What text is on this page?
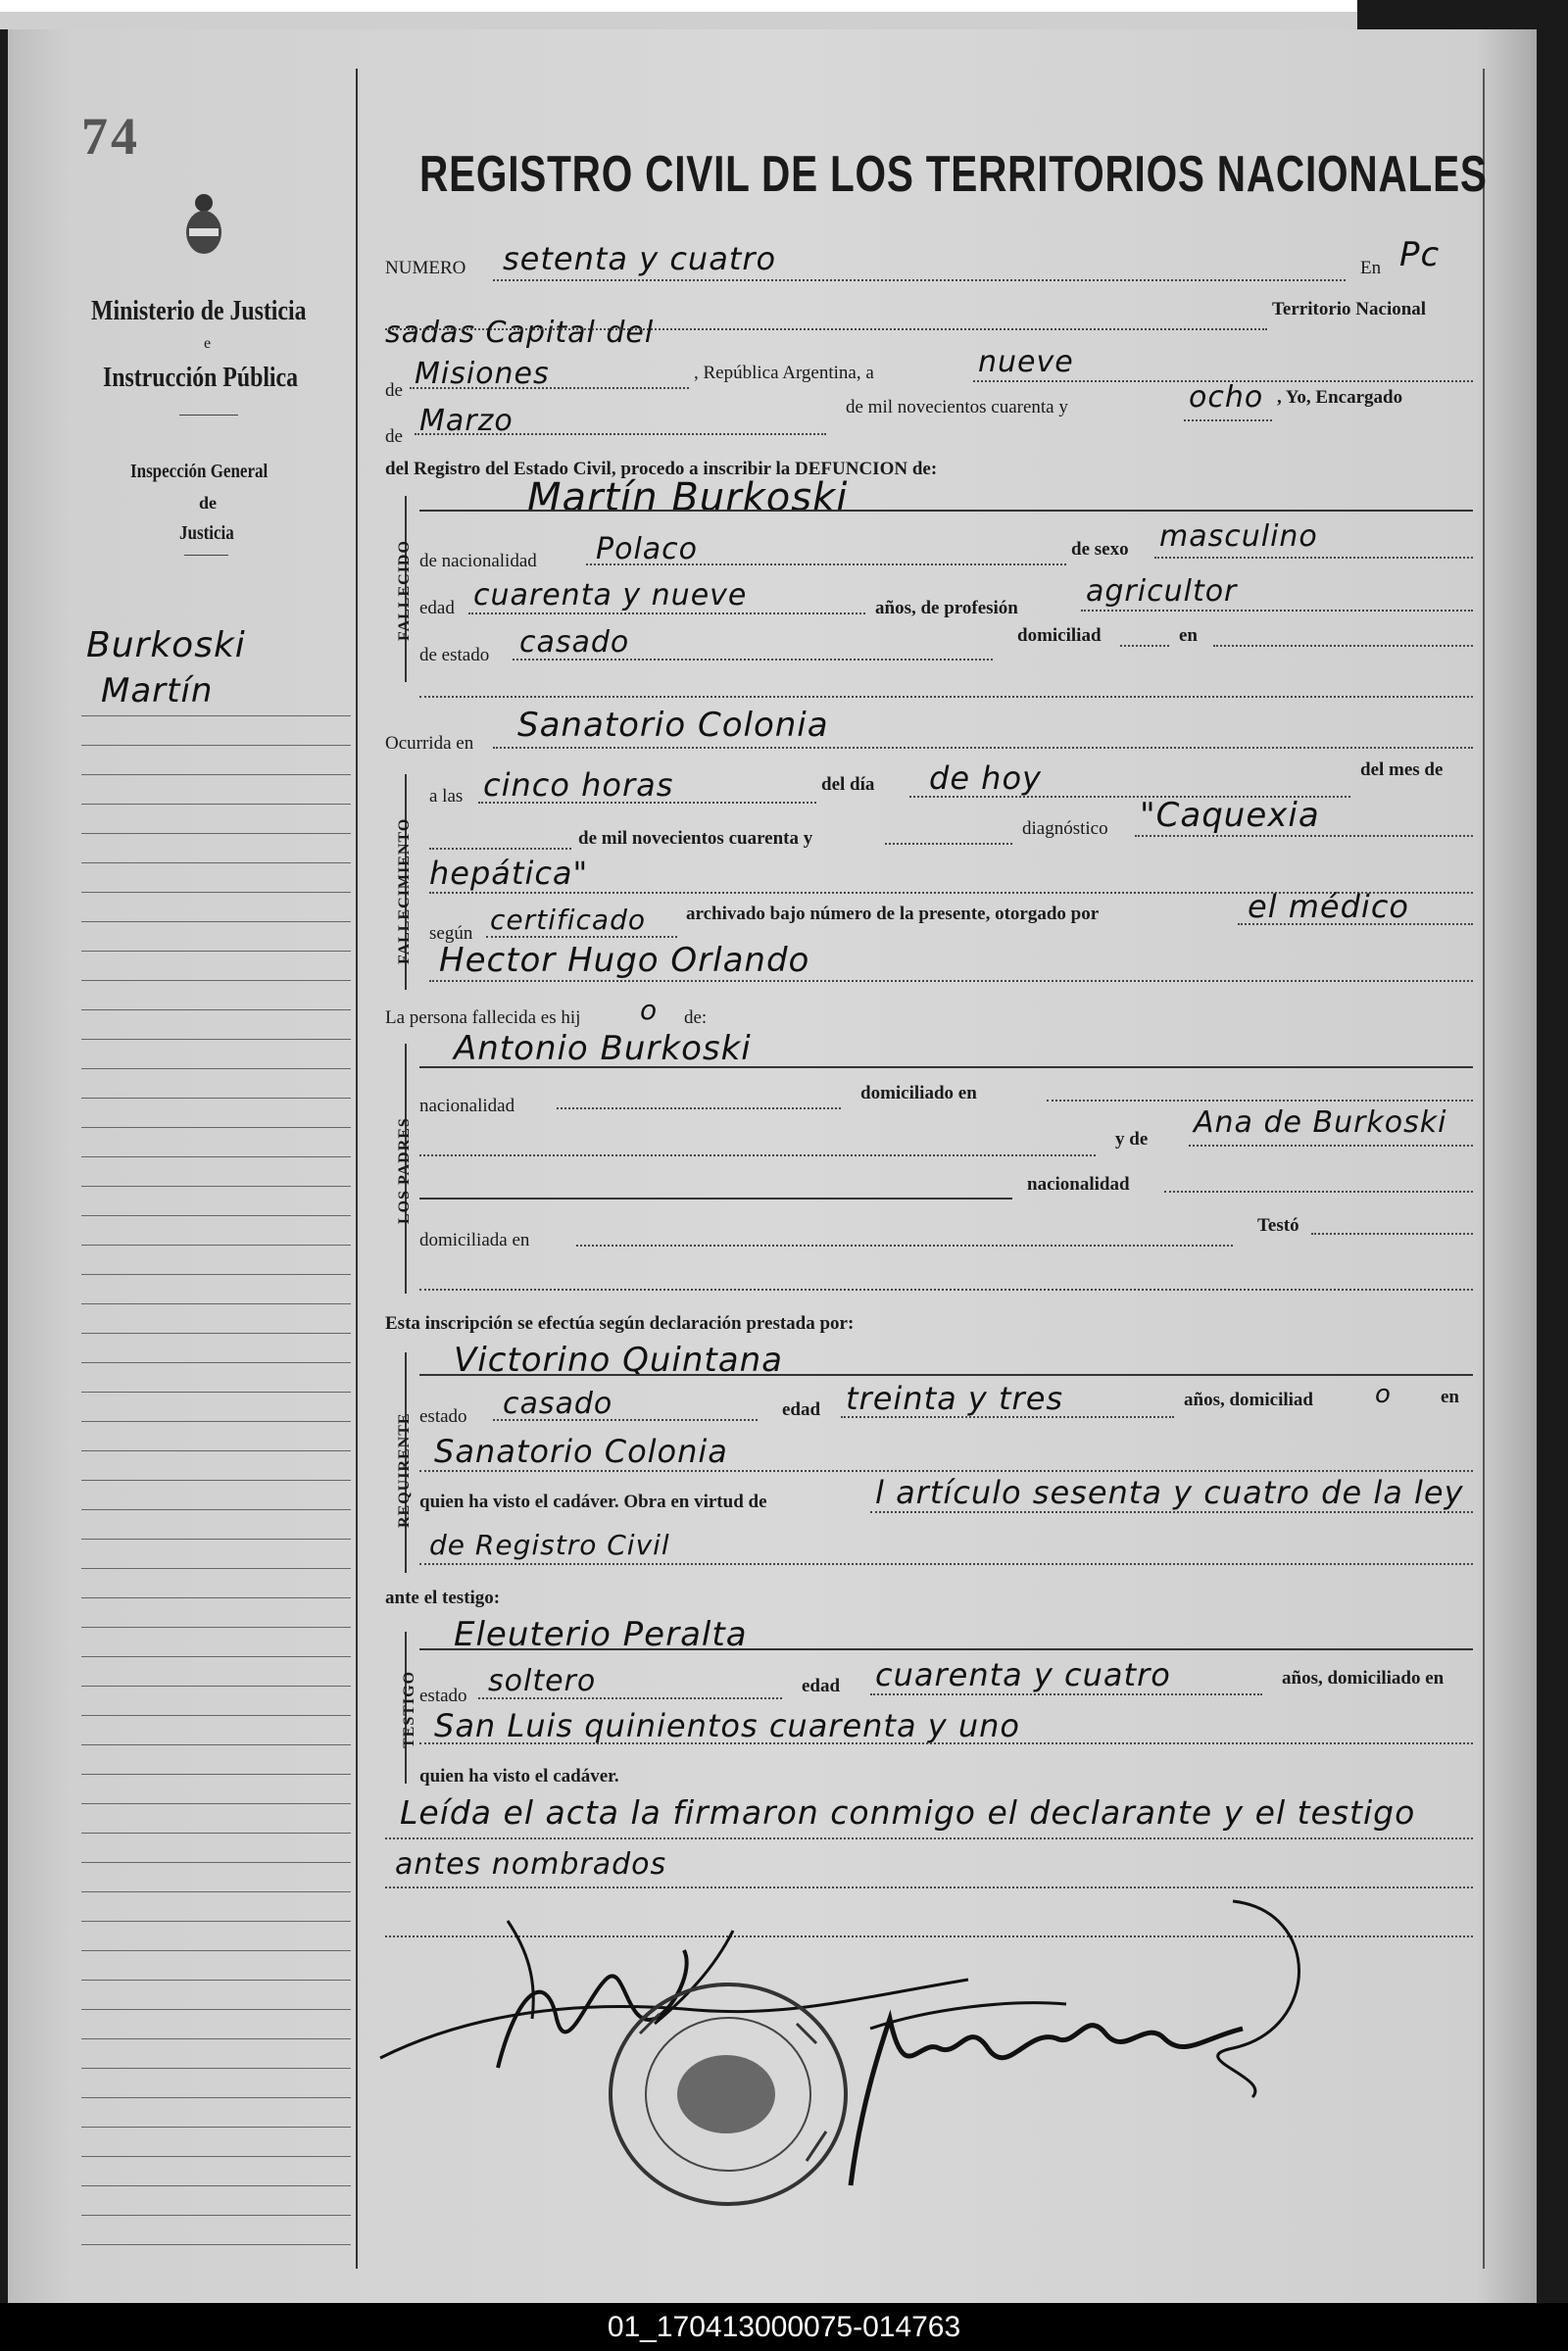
74
Ministerio de Justicia
e
Instrucción Pública
Inspección General
de
Justicia
Burkoski
Martín
REGISTRO CIVIL DE LOS TERRITORIOS NACIONALES
NUMERO setenta y cuatro	En Pc
sadas Capital del
Territorio Nacional
de Misiones	, República Argentina, a	nueve
de Marzo	de mil novecientos cuarenta y	ocho , Yo, Encargado
del Registro del Estado Civil, procedo a inscribir la DEFUNCION de:
FALLECIDO
Martín Burkoski
de nacionalidad Polaco	de sexo masculino
edad cuarenta y nueve	años, de profesión agricultor
de estado casado	domiciliad	en
Ocurrida en Sanatorio Colonia
FALLECIMIENTO
a las cinco horas	del día de hoy	del mes de
de mil novecientos cuarenta y	diagnóstico "Caquexia
hepática"
según certificado archivado bajo número de la presente, otorgado por	el médico
Hector Hugo Orlando
La persona fallecida es hij o de:
LOS PADRES
Antonio Burkoski
nacionalidad
domiciliado en
y de Ana de Burkoski
nacionalidad
domiciliada en
Testó
Esta inscripción se efectúa según declaración prestada por:
REQUIRENTE
Victorino Quintana
estado casado	edad treinta y tres	años, domiciliad o	en
Sanatorio Colonia
quien ha visto el cadáver. Obra en virtud de	l artículo sesenta y cuatro de la ley
de Registro Civil
ante el testigo:
TESTIGO
Eleuterio Peralta
estado soltero	edad cuarenta y cuatro	años, domiciliado en
San Luis quinientos cuarenta y uno
quien ha visto el cadáver.
Leída el acta la firmaron conmigo el declarante y el testigo
antes nombrados
01_170413000075-014763
